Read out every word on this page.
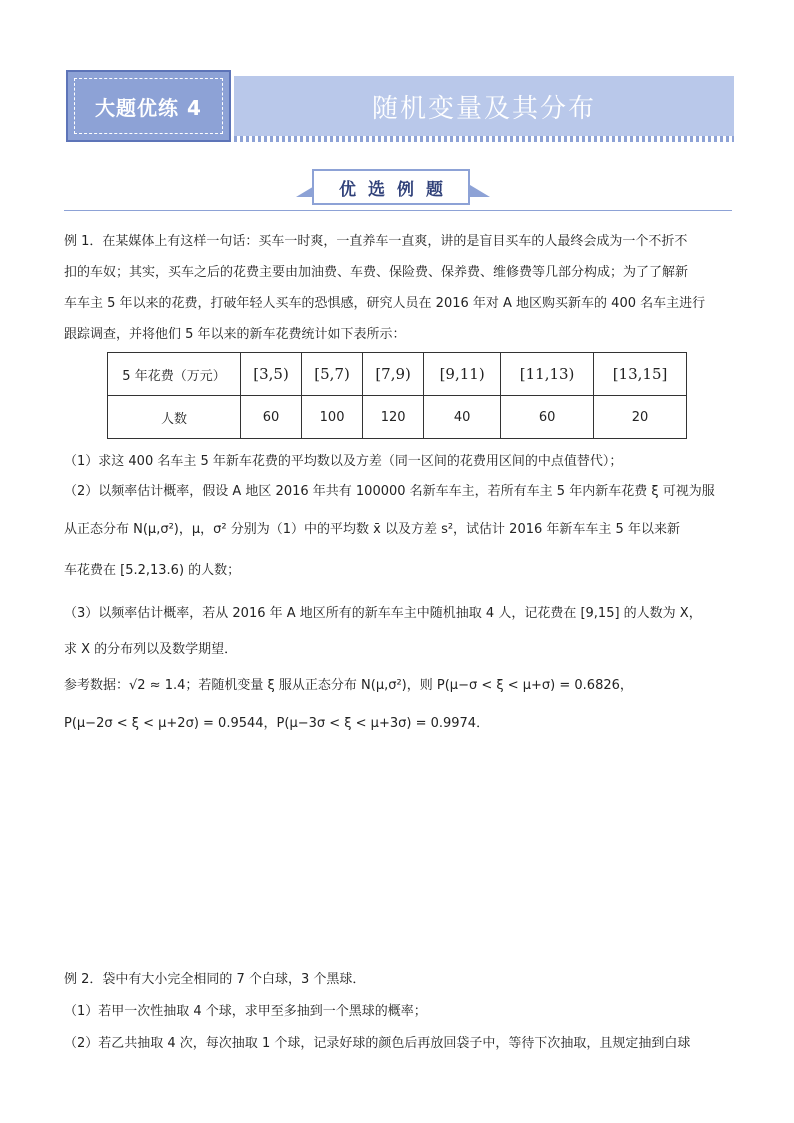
大题优练 4	随机变量及其分布
优选例题

例 1．在某媒体上有这样一句话：买车一时爽，一直养车一直爽，讲的是盲目买车的人最终会成为一个不折不

扣的车奴；其实，买车之后的花费主要由加油费、车费、保险费、保养费、维修费等几部分构成；为了了解新

车车主 5 年以来的花费，打破年轻人买车的恐惧感，研究人员在 2016 年对 A 地区购买新车的 400 名车主进行

跟踪调查，并将他们 5 年以来的新车花费统计如下表所示：

5 年花费（万元）	[3,5)	[5,7)	[7,9)	[9,11)	[11,13)	[13,15]
人数	60	100	120	40	60	20

（1）求这 400 名车主 5 年新车花费的平均数以及方差（同一区间的花费用区间的中点值替代）；

（2）以频率估计概率，假设 A 地区 2016 年共有 100000 名新车车主，若所有车主 5 年内新车花费 ξ 可视为服

从正态分布 N(μ,σ²)，μ，σ² 分别为（1）中的平均数 x̄ 以及方差 s²，试估计 2016 年新车车主 5 年以来新

车花费在 [5.2,13.6) 的人数；

（3）以频率估计概率，若从 2016 年 A 地区所有的新车车主中随机抽取 4 人，记花费在 [9,15] 的人数为 X，

求 X 的分布列以及数学期望．

参考数据：√2 ≈ 1.4；若随机变量 ξ 服从正态分布 N(μ,σ²)，则 P(μ−σ < ξ < μ+σ) = 0.6826，

P(μ−2σ < ξ < μ+2σ) = 0.9544，P(μ−3σ < ξ < μ+3σ) = 0.9974．

例 2．袋中有大小完全相同的 7 个白球，3 个黑球．

（1）若甲一次性抽取 4 个球，求甲至多抽到一个黑球的概率；

（2）若乙共抽取 4 次，每次抽取 1 个球，记录好球的颜色后再放回袋子中，等待下次抽取，且规定抽到白球
